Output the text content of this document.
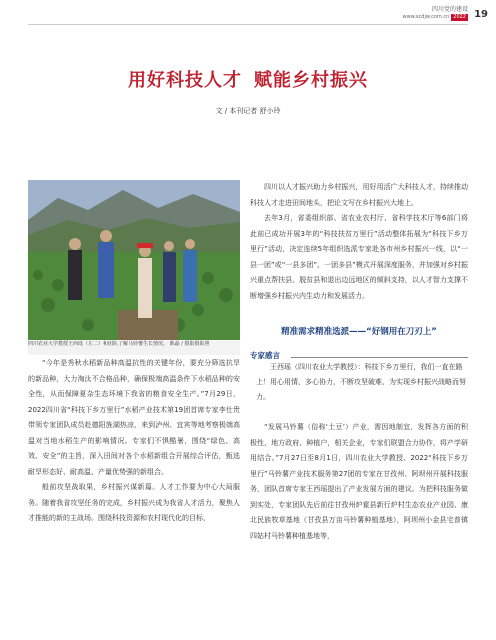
四川党的建设
www.scdjw.com.cn 2022 19
用好科技人才 赋能乡村振兴
文 / 本刊记者 舒小玲
四川农业大学教授王西瑶（左二）和团队了解马铃薯生长情况。 陈磊 / 摄影摄影照

“今年是秀秋水稻新品种高温抗性的关键年份，要充分筛选抗旱的新品种，大力淘汰不合格品种，确保极端高温条件下水稻品种的安全性，从而保障夏杂生态环境下我省的粮食安全生产。”7月29日，2022四川省“科技下乡万里行”水稻产业技术第19团首席专家李仕贵带领专家团队成员赴德阳旌湖热凉，来到泸州、宜宾等地考察极端高温对当地水稻生产的影响情况。专家们不惧酷暑，围绕“绿色、高效、安全”的主旨，深入田间对各个水稻新组合开展综合评估，甄选耐旱形态好、耐高温、产量优势强的新组合。

般前攻坚战取果，乡村振兴谋新篇。人才工作要为中心大局服务。随着我省攻坚任务的完成，乡村振兴成为我省人才活力，聚焦人才推能的新的主战场。围绕科技资源和农村现代化的目标，

四川以人才振兴助力乡村振兴，用好用活广大科技人才，持续推动科技人才走进田间地头，把论文写在乡村振兴大地上。

去年3月，省委组织部、省农业农村厅、省科学技术厅等6部门将此前已成功开展3年的“科技扶贫万里行”活动整体拓展为“科技下乡万里行”活动，决定连续5年组织选派专家赴各市州乡村振兴一线，以“一县一团”或“一县多团”、一团多县”模式开展深度服务，并加强对乡村振兴重点帮扶县、脱贫县和退出边远地区的倾斜支持，以人才智力支撑不断增强乡村振兴内生动力和发展活力。

精准需求精准选派——“好钢用在刀刃上”
专家感言

王西瑶（四川农业大学教授）：科技下乡万里行，我们一直在路上！用心用情，多心协力，不断攻坚破难，为实现乡村振兴战略而努力。

“发展马铃薯（俗称‘土豆’）产业，需因地制宜，发挥各方面的积极性，地方政府、种植户，相关企业，专家们联盟合力协作，将产学研用结合。”7月27日至8月1日，四川农业大学教授、2022“科技下乡万里行”马铃薯产业技术服务第27团的专家在甘孜州、阿坝州开展科技服务，团队首席专家王西瑶提出了产业发展方面的建议。为把科技服务做到实处，专家团队先后前往甘孜州炉霍县新行炉村生态农业产业园、康北民族牧草基地（甘孜县万亩马铃薯种植基地），阿坝州小金县宅普镇四姑村马铃薯种植基地等，
